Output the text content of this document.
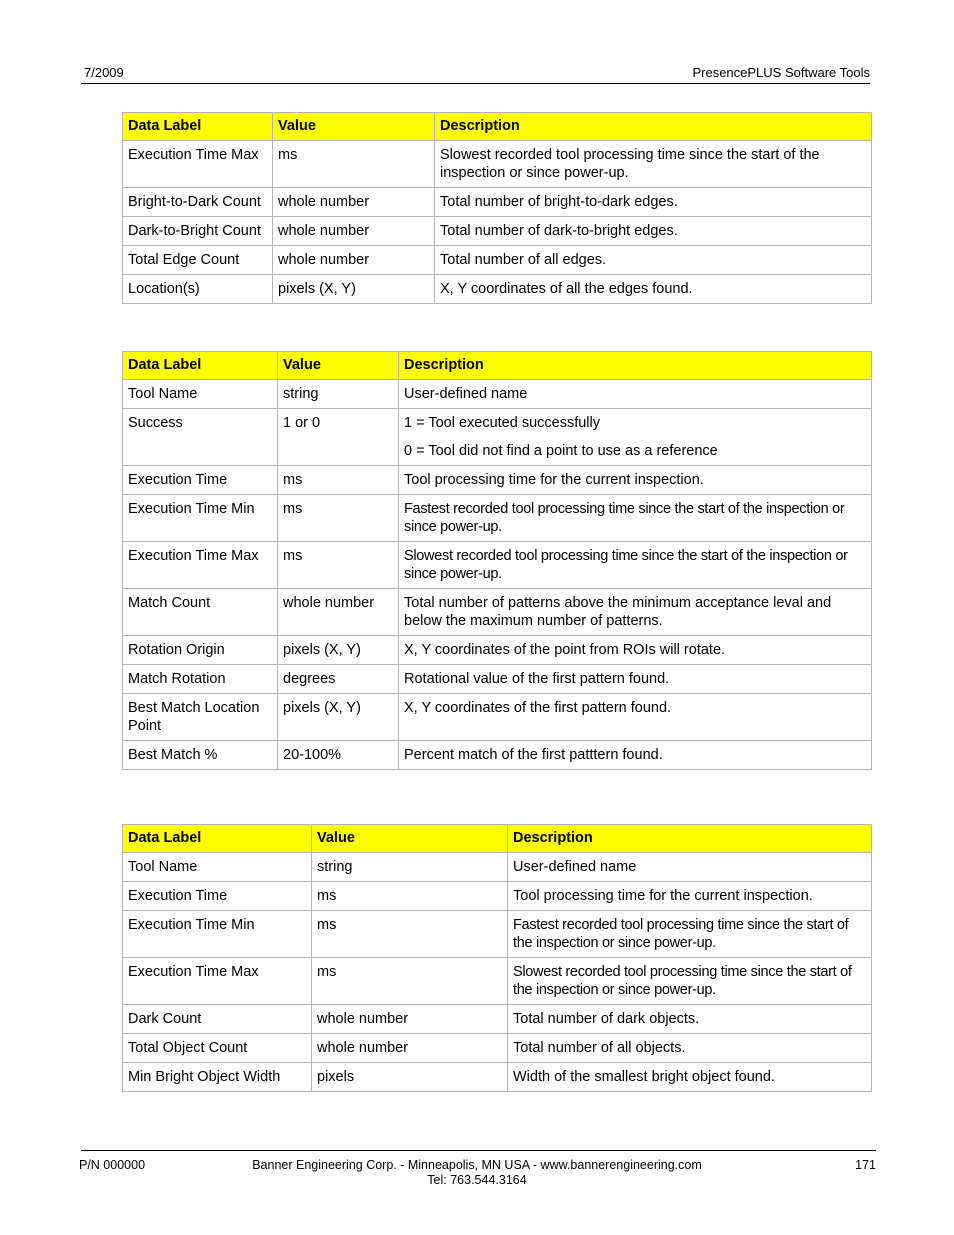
7/2009	PresencePLUS Software Tools
Data Label	Value	Description
Execution Time Max	ms	Slowest recorded tool processing time since the start of the inspection or since power-up.
Bright-to-Dark Count	whole number	Total number of bright-to-dark edges.
Dark-to-Bright Count	whole number	Total number of dark-to-bright edges.
Total Edge Count	whole number	Total number of all edges.
Location(s)	pixels (X, Y)	X, Y coordinates of all the edges found.
Data Label	Value	Description
Tool Name	string	User-defined name
Success	1 or 0	1 = Tool executed successfully

0 = Tool did not find a point to use as a reference

Execution Time	ms	Tool processing time for the current inspection.
Execution Time Min	ms	Fastest recorded tool processing time since the start of the inspection or since power-up.
Execution Time Max	ms	Slowest recorded tool processing time since the start of the inspection or since power-up.
Match Count	whole number	Total number of patterns above the minimum acceptance leval and below the maximum number of patterns.
Rotation Origin	pixels (X, Y)	X, Y coordinates of the point from ROIs will rotate.
Match Rotation	degrees	Rotational value of the first pattern found.
Best Match Location Point	pixels (X, Y)	X, Y coordinates of the first pattern found.
Best Match %	20-100%	Percent match of the first patttern found.
Data Label	Value	Description
Tool Name	string	User-defined name
Execution Time	ms	Tool processing time for the current inspection.
Execution Time Min	ms	Fastest recorded tool processing time since the start of the inspection or since power-up.
Execution Time Max	ms	Slowest recorded tool processing time since the start of the inspection or since power-up.
Dark Count	whole number	Total number of dark objects.
Total Object Count	whole number	Total number of all objects.
Min Bright Object Width	pixels	Width of the smallest bright object found.
P/N 000000	Banner Engineering Corp. - Minneapolis, MN USA - www.bannerengineering.com
Tel: 763.544.3164
171
